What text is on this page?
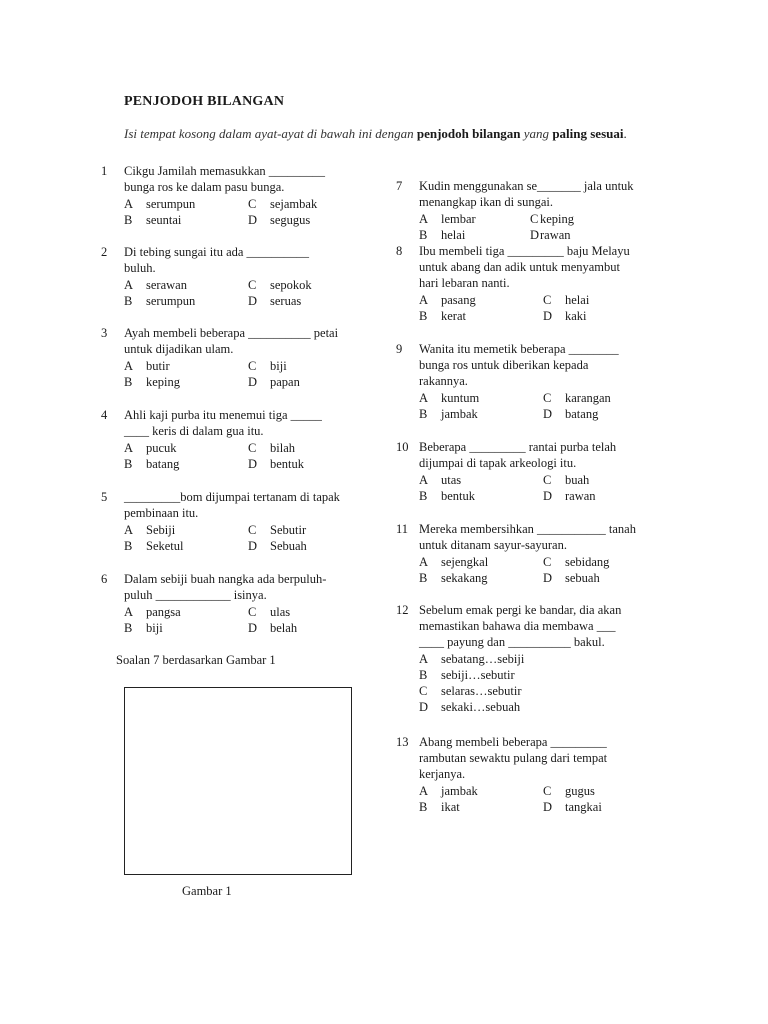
PENJODOH BILANGAN
Isi tempat kosong dalam ayat-ayat di bawah ini dengan penjodoh bilangan yang paling sesuai.
1 Cikgu Jamilah memasukkan _________
bunga ros ke dalam pasu bunga.
A serumpun	C sejambak
B seuntai	D segugus
2 Di tebing sungai itu ada __________
buluh.
A serawan	C sepokok
B serumpun	D seruas
3 Ayah membeli beberapa __________ petai
untuk dijadikan ulam.
A butir	C biji
B keping	D papan
4 Ahli kaji purba itu menemui tiga _____
____ keris di dalam gua itu.
A pucuk	C bilah
B batang	D bentuk
5 _________bom dijumpai tertanam di tapak
pembinaan itu.
A Sebiji	C Sebutir
B Seketul	D Sebuah
6 Dalam sebiji buah nangka ada berpuluh-
puluh ____________ isinya.
A pangsa	C ulas
B biji	D belah
7 Kudin menggunakan se_______ jala untuk
menangkap ikan di sungai.
A lembar	C keping
B helai	Drawan
8 Ibu membeli tiga _________ baju Melayu
untuk abang dan adik untuk menyambut
hari lebaran nanti.
A pasang	C helai
B kerat	D kaki
9 Wanita itu memetik beberapa ________
bunga ros untuk diberikan kepada
rakannya.
A kuntum	C karangan
B jambak	D batang
10 Beberapa _________ rantai purba telah
dijumpai di tapak arkeologi itu.
A utas	C buah
B bentuk	D rawan
11 Mereka membersihkan ___________ tanah
untuk ditanam sayur-sayuran.
A sejengkal	C sebidang
B sekakang	D sebuah
12 Sebelum emak pergi ke bandar, dia akan
memastikan bahawa dia membawa ___
____ payung dan __________ bakul.
A sebatang…sebiji
B sebiji…sebutir
C selaras…sebutir
D sekaki…sebuah
13 Abang membeli beberapa _________
rambutan sewaktu pulang dari tempat
kerjanya.
A jambak	C gugus
B ikat	D tangkai
Soalan 7 berdasarkan Gambar 1
Gambar 1
